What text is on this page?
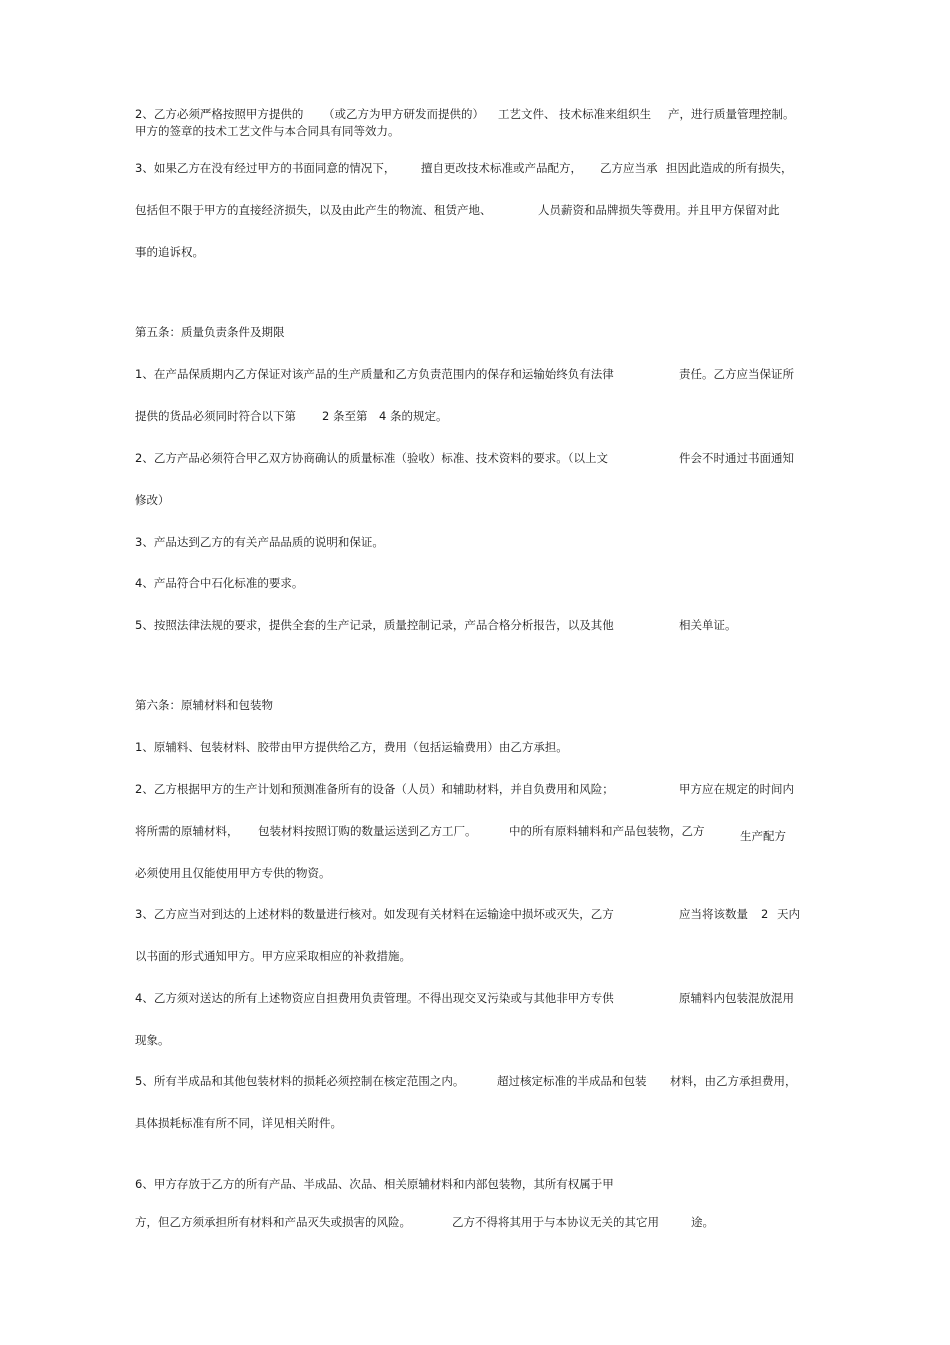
2、乙方必须严格按照甲方提供的 （或乙方为甲方研发而提供的） 工艺文件、 技术标准来组织生 产，进行质量管理控制。
甲方的签章的技术工艺文件与本合同具有同等效力。
3、如果乙方在没有经过甲方的书面同意的情况下， 擅自更改技术标准或产品配方， 乙方应当承 担因此造成的所有损失，
包括但不限于甲方的直接经济损失，以及由此产生的物流、租赁产地、	人员薪资和品牌损失等费用。并且甲方保留对此
事的追诉权。
第五条：质量负责条件及期限
1、在产品保质期内乙方保证对该产品的生产质量和乙方负责范围内的保存和运输始终负有法律	责任。乙方应当保证所
提供的货品必须同时符合以下第 2 条至第 4 条的规定。
2、乙方产品必须符合甲乙双方协商确认的质量标准（验收）标准、技术资料的要求。（以上文	件会不时通过书面通知
修改）
3、产品达到乙方的有关产品品质的说明和保证。
4、产品符合中石化标准的要求。
5、按照法律法规的要求，提供全套的生产记录，质量控制记录，产品合格分析报告，以及其他	相关单证。
第六条：原辅材料和包装物
1、原辅料、包装材料、胶带由甲方提供给乙方，费用（包括运输费用）由乙方承担。
2、乙方根据甲方的生产计划和预测准备所有的设备（人员）和辅助材料，并自负费用和风险；	甲方应在规定的时间内
将所需的原辅材料， 包装材料按照订购的数量运送到乙方工厂。	中的所有原料辅料和产品包装物，乙方	生产配方
必须使用且仅能使用甲方专供的物资。
3、乙方应当对到达的上述材料的数量进行核对。如发现有关材料在运输途中损坏或灭失，乙方	应当将该数量 2 天内
以书面的形式通知甲方。甲方应采取相应的补救措施。
4、乙方须对送达的所有上述物资应自担费用负责管理。不得出现交叉污染或与其他非甲方专供	原辅料内包装混放混用
现象。
5、所有半成品和其他包装材料的损耗必须控制在核定范围之内。	超过核定标准的半成品和包装 材料，由乙方承担费用，
具体损耗标准有所不同，详见相关附件。
6、甲方存放于乙方的所有产品、半成品、次品、相关原辅材料和内部包装物，其所有权属于甲
方，但乙方须承担所有材料和产品灭失或损害的风险。	乙方不得将其用于与本协议无关的其它用	途。
